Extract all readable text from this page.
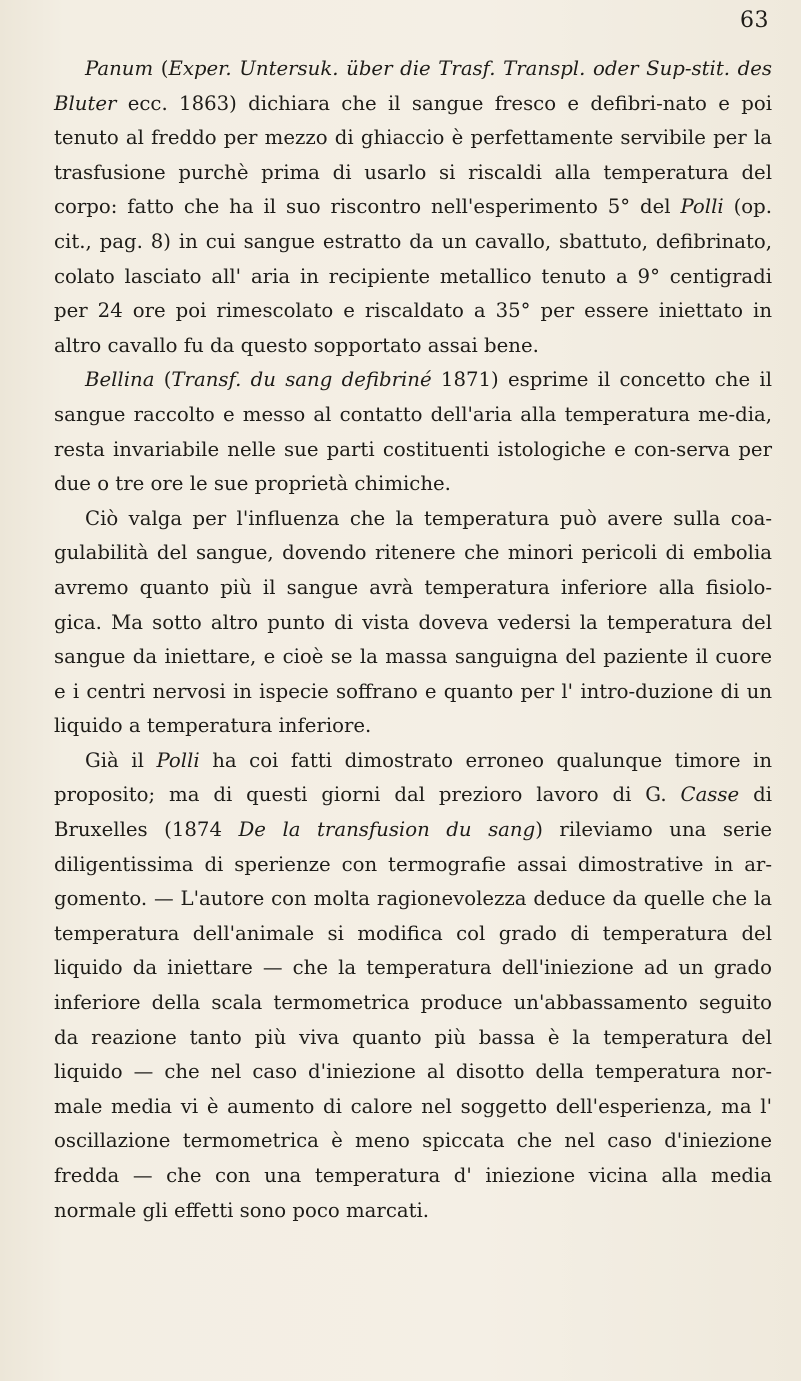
63

Panum (Exper. Untersuk. über die Trasf. Transpl. oder Sup-stit. des Bluter ecc. 1863) dichiara che il sangue fresco e defibri-nato e poi tenuto al freddo per mezzo di ghiaccio è perfettamente servibile per la trasfusione purchè prima di usarlo si riscaldi alla temperatura del corpo: fatto che ha il suo riscontro nell'esperimento 5° del Polli (op. cit., pag. 8) in cui sangue estratto da un cavallo, sbattuto, defibrinato, colato lasciato all' aria in recipiente metallico tenuto a 9° centigradi per 24 ore poi rimescolato e riscaldato a 35° per essere iniettato in altro cavallo fu da questo sopportato assai bene.

Bellina (Transf. du sang defibriné 1871) esprime il concetto che il sangue raccolto e messo al contatto dell'aria alla temperatura me-dia, resta invariabile nelle sue parti costituenti istologiche e con-serva per due o tre ore le sue proprietà chimiche.

Ciò valga per l'influenza che la temperatura può avere sulla coa-gulabilità del sangue, dovendo ritenere che minori pericoli di embolia avremo quanto più il sangue avrà temperatura inferiore alla fisiolo-gica. Ma sotto altro punto di vista doveva vedersi la temperatura del sangue da iniettare, e cioè se la massa sanguigna del paziente il cuore e i centri nervosi in ispecie soffrano e quanto per l' intro-duzione di un liquido a temperatura inferiore.

Già il Polli ha coi fatti dimostrato erroneo qualunque timore in proposito; ma di questi giorni dal prezioro lavoro di G. Casse di Bruxelles (1874 De la transfusion du sang) rileviamo una serie diligentissima di sperienze con termografie assai dimostrative in ar-gomento. — L'autore con molta ragionevolezza deduce da quelle che la temperatura dell'animale si modifica col grado di temperatura del liquido da iniettare — che la temperatura dell'iniezione ad un grado inferiore della scala termometrica produce un'abbassamento seguito da reazione tanto più viva quanto più bassa è la temperatura del liquido — che nel caso d'iniezione al disotto della temperatura nor-male media vi è aumento di calore nel soggetto dell'esperienza, ma l' oscillazione termometrica è meno spiccata che nel caso d'iniezione fredda — che con una temperatura d' iniezione vicina alla media normale gli effetti sono poco marcati.
